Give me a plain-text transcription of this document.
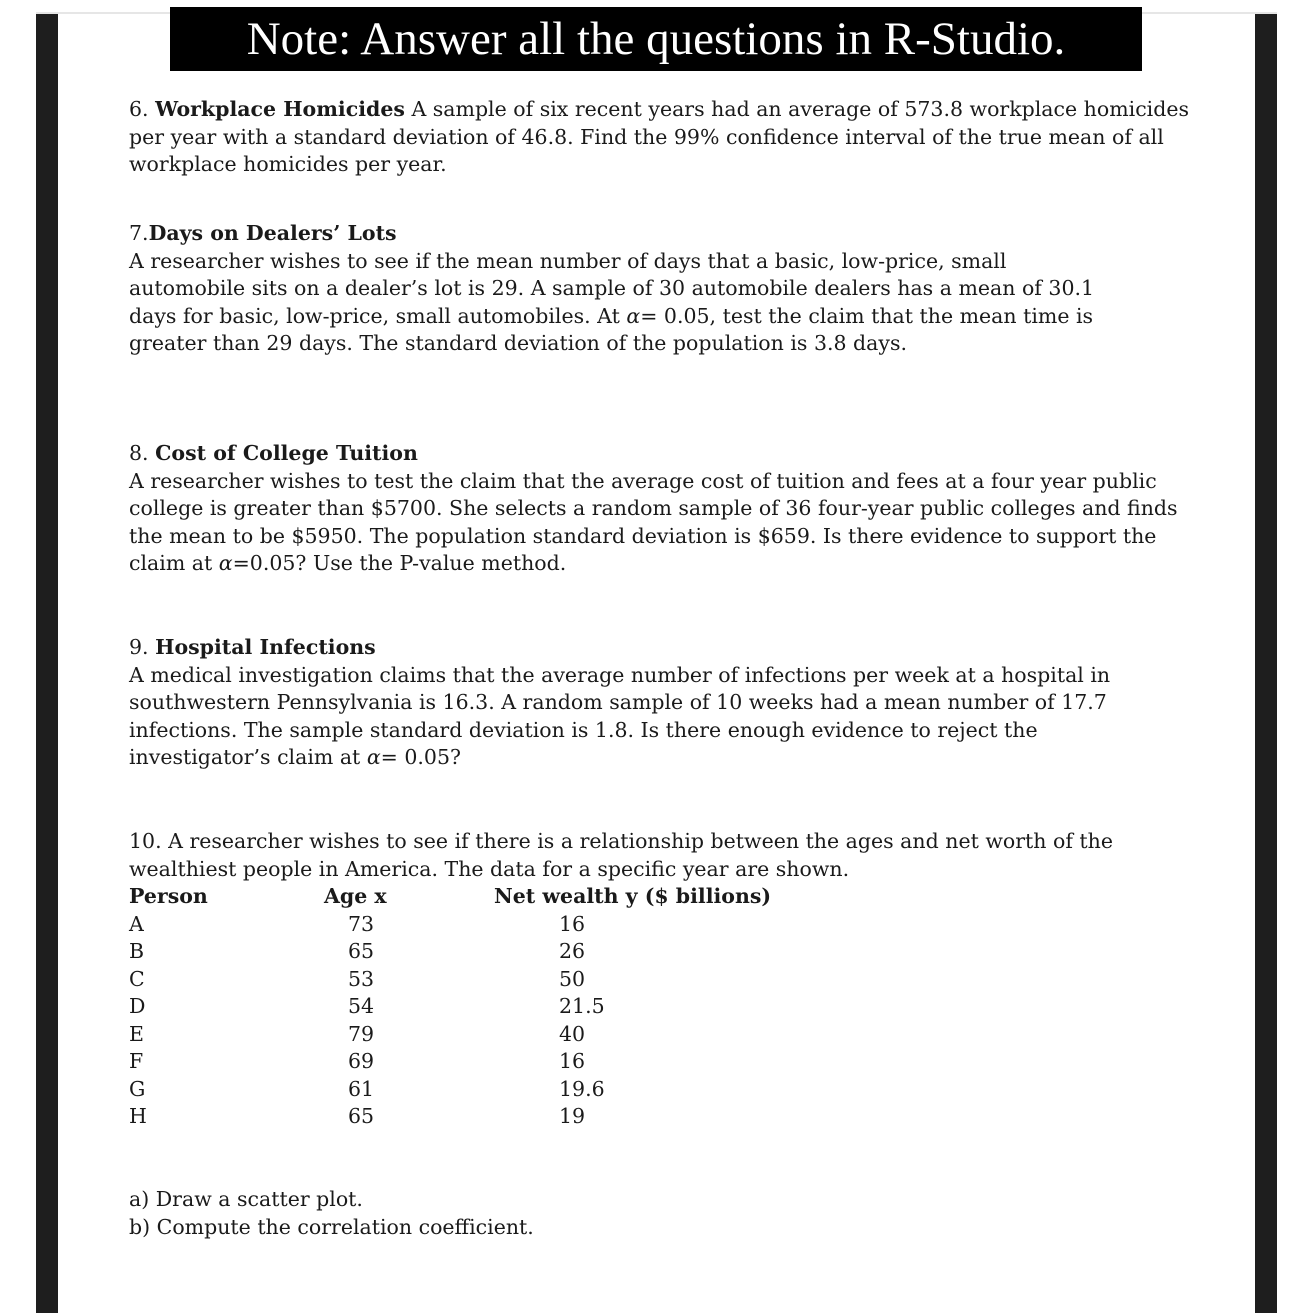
Note: Answer all the questions in R-Studio.

6. Workplace Homicides A sample of six recent years had an average of 573.8 workplace homicides per year with a standard deviation of 46.8. Find the 99% confidence interval of the true mean of all workplace homicides per year.

7.Days on Dealers’ Lots

A researcher wishes to see if the mean number of days that a basic, low-price, small automobile sits on a dealer’s lot is 29. A sample of 30 automobile dealers has a mean of 30.1 days for basic, low-price, small automobiles. At α= 0.05, test the claim that the mean time is greater than 29 days. The standard deviation of the population is 3.8 days.

8. Cost of College Tuition

A researcher wishes to test the claim that the average cost of tuition and fees at a four year public college is greater than $5700. She selects a random sample of 36 four-year public colleges and finds the mean to be $5950. The population standard deviation is $659. Is there evidence to support the claim at α=0.05? Use the P-value method.

9. Hospital Infections

A medical investigation claims that the average number of infections per week at a hospital in southwestern Pennsylvania is 16.3. A random sample of 10 weeks had a mean number of 17.7 infections. The sample standard deviation is 1.8. Is there enough evidence to reject the investigator’s claim at α= 0.05?

10. A researcher wishes to see if there is a relationship between the ages and net worth of the wealthiest people in America. The data for a specific year are shown.

Person	Age x	Net wealth y ($ billions)
A	73	16
B	65	26
C	53	50
D	54	21.5
E	79	40
F	69	16
G	61	19.6
H	65	19

a) Draw a scatter plot.

b) Compute the correlation coefficient.
